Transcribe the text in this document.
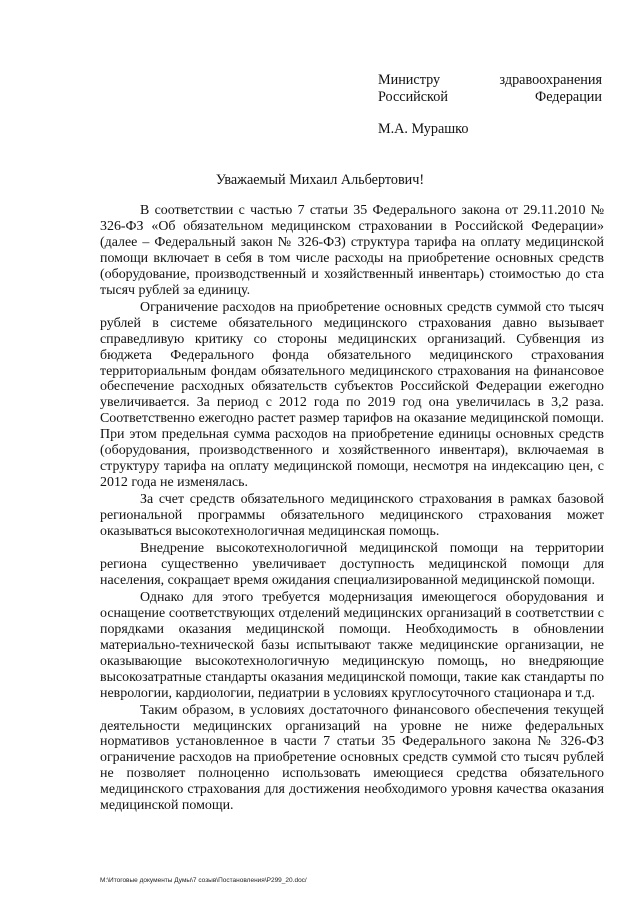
Министру	здравоохранения
Российской	Федерации
М.А. Мурашко
Уважаемый Михаил Альбертович!

В соответствии с частью 7 статьи 35 Федерального закона от 29.11.2010 № 326-ФЗ «Об обязательном медицинском страховании в Российской Федерации» (далее – Федеральный закон № 326-ФЗ) структура тарифа на оплату медицинской помощи включает в себя в том числе расходы на приобретение основных средств (оборудование, производственный и хозяйственный инвентарь) стоимостью до ста тысяч рублей за единицу.

Ограничение расходов на приобретение основных средств суммой сто тысяч рублей в системе обязательного медицинского страхования давно вызывает справедливую критику со стороны медицинских организаций. Субвенция из бюджета Федерального фонда обязательного медицинского страхования территориальным фондам обязательного медицинского страхования на финансовое обеспечение расходных обязательств субъектов Российской Федерации ежегодно увеличивается. За период с 2012 года по 2019 год она увеличилась в 3,2 раза. Соответственно ежегодно растет размер тарифов на оказание медицинской помощи. При этом предельная сумма расходов на приобретение единицы основных средств (оборудования, производственного и хозяйственного инвентаря), включаемая в структуру тарифа на оплату медицинской помощи, несмотря на индексацию цен, с 2012 года не изменялась.

За счет средств обязательного медицинского страхования в рамках базовой региональной программы обязательного медицинского страхования может оказываться высокотехнологичная медицинская помощь.

Внедрение высокотехнологичной медицинской помощи на территории региона существенно увеличивает доступность медицинской помощи для населения, сокращает время ожидания специализированной медицинской помощи.

Однако для этого требуется модернизация имеющегося оборудования и оснащение соответствующих отделений медицинских организаций в соответствии с порядками оказания медицинской помощи. Необходимость в обновлении материально-технической базы испытывают также медицинские организации, не оказывающие высокотехнологичную медицинскую помощь, но внедряющие высокозатратные стандарты оказания медицинской помощи, такие как стандарты по неврологии, кардиологии, педиатрии в условиях круглосуточного стационара и т.д.

Таким образом, в условиях достаточного финансового обеспечения текущей деятельности медицинских организаций на уровне не ниже федеральных нормативов установленное в части 7 статьи 35 Федерального закона № 326-ФЗ ограничение расходов на приобретение основных средств суммой сто тысяч рублей не позволяет полноценно использовать имеющиеся средства обязательного медицинского страхования для достижения необходимого уровня качества оказания медицинской помощи.

M:\Итоговые документы Думы\7 созыв\Постановления\P299_20.doc/
